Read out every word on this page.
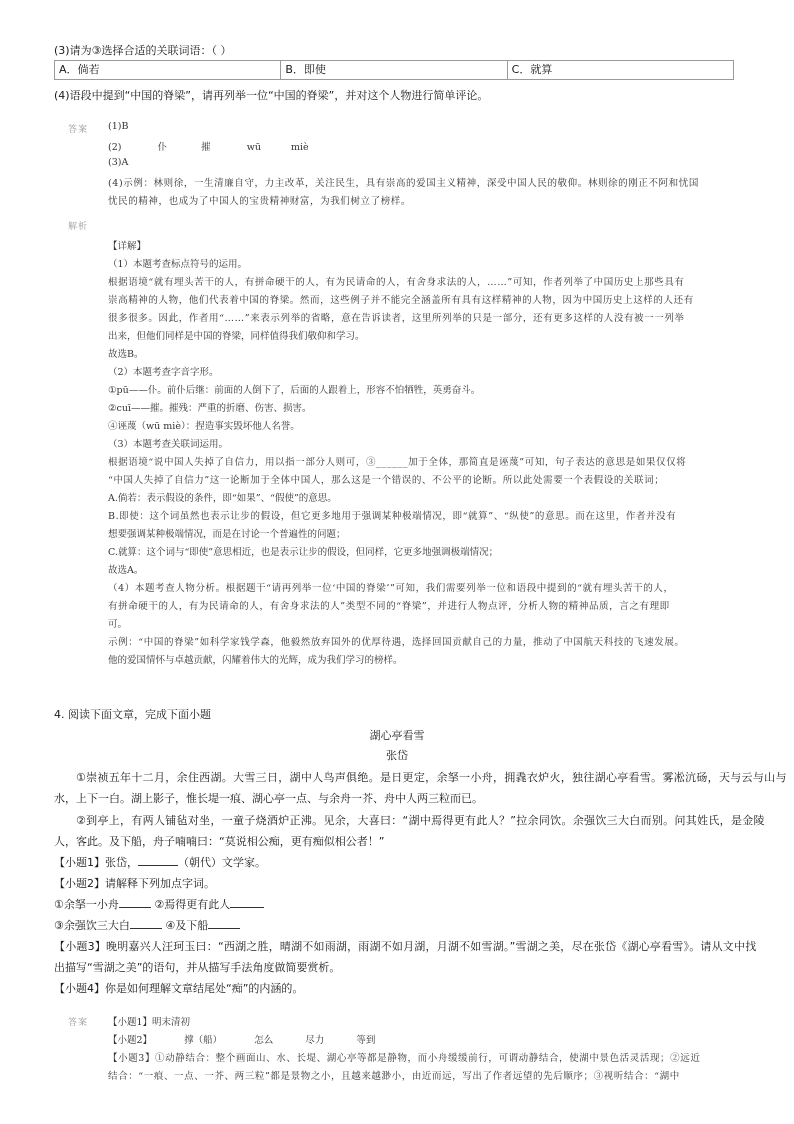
(3)请为③选择合适的关联词语：（ ）
A．倘若	B．即使	C．就算
(4)语段中提到“中国的脊梁”，请再列举一位“中国的脊梁”，并对这个人物进行简单评论。
答案 (1)B
(2)	仆	摧	wū	miè
(3)A
(4)示例：林则徐，一生清廉自守，力主改革，关注民生，具有崇高的爱国主义精神，深受中国人民的敬仰。林则徐的刚正不阿和忧国
忧民的精神，也成为了中国人的宝贵精神财富，为我们树立了榜样。
解析
【详解】
（1）本题考查标点符号的运用。
根据语境“就有埋头苦干的人，有拼命硬干的人，有为民请命的人，有舍身求法的人，……”可知，作者列举了中国历史上那些具有
崇高精神的人物，他们代表着中国的脊梁。然而，这些例子并不能完全涵盖所有具有这样精神的人物，因为中国历史上这样的人还有
很多很多。因此，作者用“……”来表示列举的省略，意在告诉读者，这里所列举的只是一部分，还有更多这样的人没有被一一列举
出来，但他们同样是中国的脊梁，同样值得我们敬仰和学习。
故选B。
（2）本题考查字音字形。
①pū——仆。前仆后继：前面的人倒下了，后面的人跟着上，形容不怕牺牲，英勇奋斗。
②cuī——摧。摧残：严重的折磨、伤害、损害。
④诬蔑（wū miè）：捏造事实毁坏他人名誉。
（3）本题考查关联词运用。
根据语境“说中国人失掉了自信力，用以指一部分人则可，③______加于全体，那简直是诬蔑”可知，句子表达的意思是如果仅仅将
“中国人失掉了自信力”这一论断加于全体中国人，那么这是一个错误的、不公平的论断。所以此处需要一个表假设的关联词；
A.倘若：表示假设的条件，即“如果”、“假使”的意思。
B.即使：这个词虽然也表示让步的假设，但它更多地用于强调某种极端情况，即“就算”、“纵使”的意思。而在这里，作者并没有
想要强调某种极端情况，而是在讨论一个普遍性的问题；
C.就算：这个词与“即使”意思相近，也是表示让步的假设，但同样，它更多地强调极端情况；
故选A。
（4）本题考查人物分析。根据题干“请再列举一位‘中国的脊梁’”可知，我们需要列举一位和语段中提到的“就有埋头苦干的人，
有拼命硬干的人，有为民请命的人，有舍身求法的人”类型不同的“脊梁”，并进行人物点评，分析人物的精神品质，言之有理即
可。
示例：“中国的脊梁”如科学家钱学森，他毅然放弃国外的优厚待遇，选择回国贡献自己的力量，推动了中国航天科技的飞速发展。
他的爱国情怀与卓越贡献，闪耀着伟大的光辉，成为我们学习的榜样。
4. 阅读下面文章，完成下面小题
湖心亭看雪
张岱
①崇祯五年十二月，余住西湖。大雪三日，湖中人鸟声俱绝。是日更定，余拏一小舟，拥毳衣炉火，独往湖心亭看雪。雾凇沆砀，天与云与山与
水，上下一白。湖上影子，惟长堤一痕、湖心亭一点、与余舟一芥、舟中人两三粒而已。
②到亭上，有两人铺毡对坐，一童子烧酒炉正沸。见余，大喜曰：“湖中焉得更有此人？”拉余同饮。余强饮三大白而别。问其姓氏，是金陵
人，客此。及下船，舟子喃喃曰：“莫说相公痴，更有痴似相公者！”
【小题1】张岱，	（朝代）文学家。
【小题2】请解释下列加点字词。
①余拏一小舟	②焉得更有此人
③余强饮三大白	④及下船
【小题3】晚明嘉兴人汪珂玉曰：“西湖之胜，晴湖不如雨湖，雨湖不如月湖，月湖不如雪湖。”雪湖之美，尽在张岱《湖心亭看雪》。请从文中找
出描写“雪湖之美”的语句，并从描写手法角度做简要赏析。
【小题4】你是如何理解文章结尾处“痴”的内涵的。
答案 【小题1】明末清初
【小题2】	撑（船）	怎么	尽力	等到
【小题3】①动静结合：整个画面山、水、长堤、湖心亭等都是静物，而小舟缓缓前行，可谓动静结合，使湖中景色活灵活现；②远近
结合：“一痕、一点、一芥、两三粒”都是景物之小，且越来越渺小，由近而远，写出了作者远望的先后顺序；③视听结合：“湖中
